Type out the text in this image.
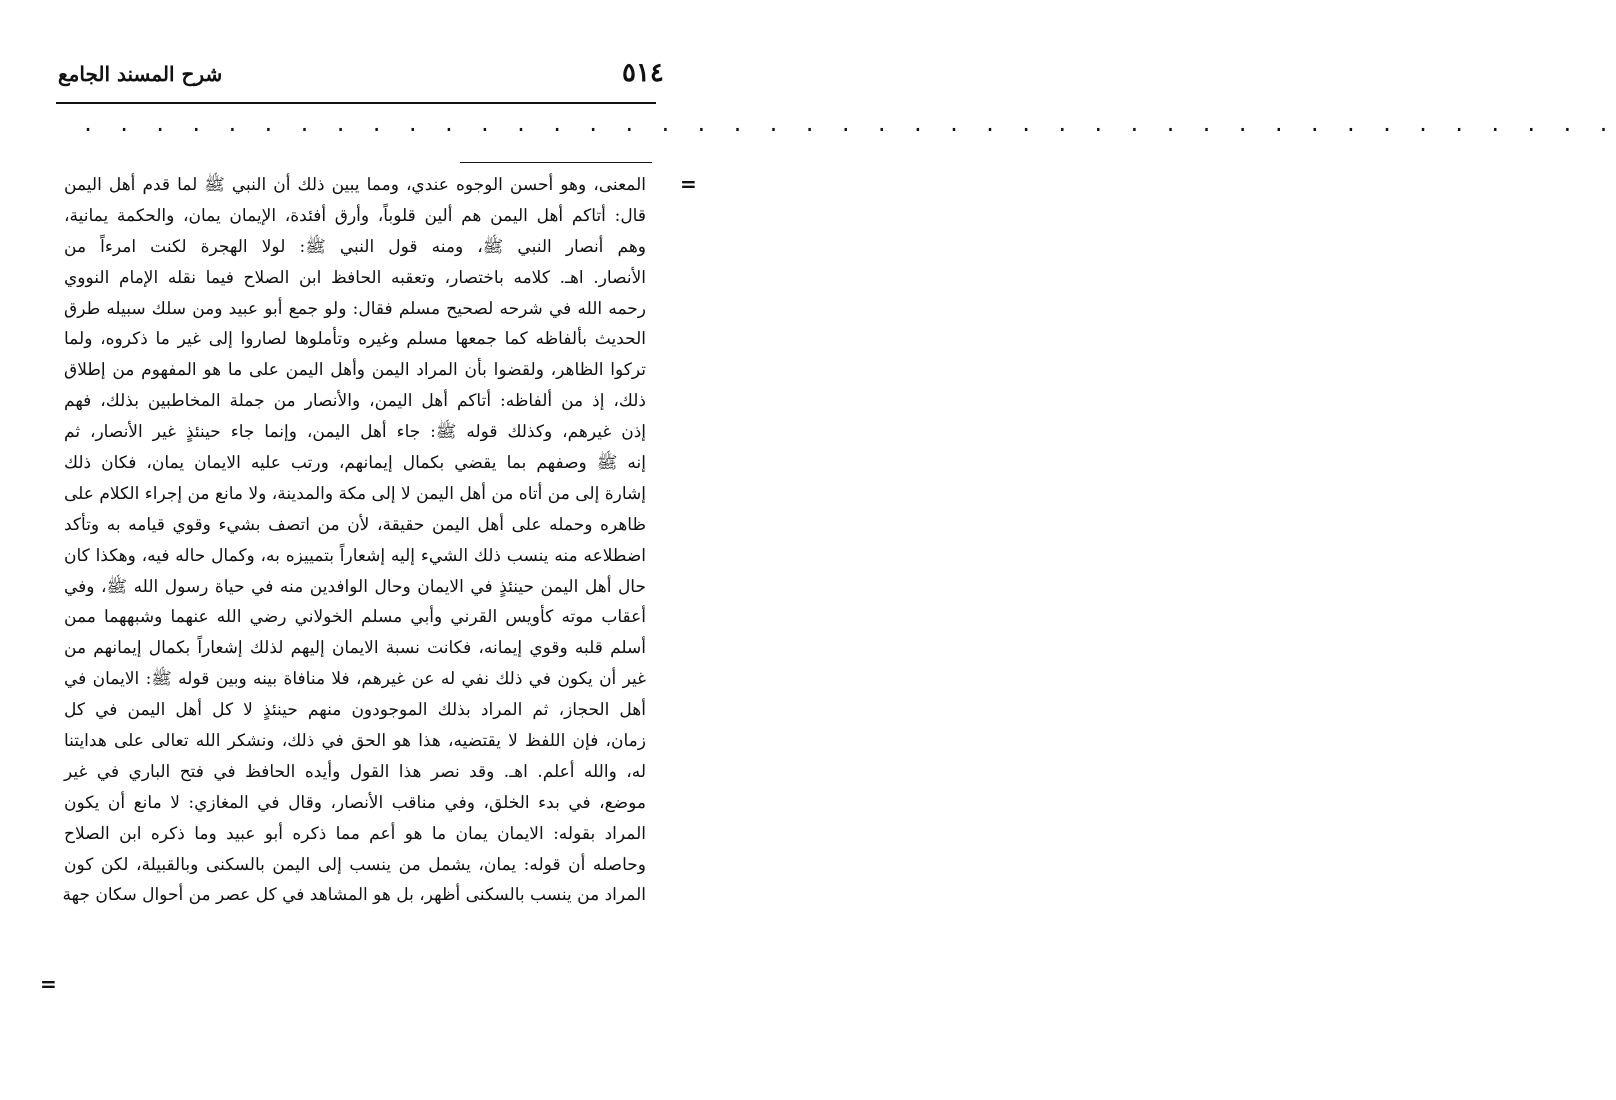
٥١٤
شرح المسند الجامع
. . . . . . . . . . . . . . . . . . . . . . . . . . . . . . . . . . . . . . . . . . .
=
=
المعنى، وهو أحسن الوجوه عندي، ومما يبين ذلك أن النبي ﷺ لما قدم أهل اليمن
قال: أتاكم أهل اليمن هم ألين قلوباً، وأرق أفئدة، الإيمان يمان، والحكمة يمانية،
وهم أنصار النبي ﷺ، ومنه قول النبي ﷺ: لولا الهجرة لكنت امرءاً من
الأنصار. اهـ. كلامه باختصار، وتعقبه الحافظ ابن الصلاح فيما نقله الإمام النووي
رحمه الله في شرحه لصحيح مسلم فقال: ولو جمع أبو عبيد ومن سلك سبيله طرق
الحديث بألفاظه كما جمعها مسلم وغيره وتأملوها لصاروا إلى غير ما ذكروه، ولما
تركوا الظاهر، ولقضوا بأن المراد اليمن وأهل اليمن على ما هو المفهوم من إطلاق
ذلك، إذ من ألفاظه: أتاكم أهل اليمن، والأنصار من جملة المخاطبين بذلك، فهم
إذن غيرهم، وكذلك قوله ﷺ: جاء أهل اليمن، وإنما جاء حينئذٍ غير الأنصار، ثم
إنه ﷺ وصفهم بما يقضي بكمال إيمانهم، ورتب عليه الايمان يمان، فكان ذلك
إشارة إلى من أتاه من أهل اليمن لا إلى مكة والمدينة، ولا مانع من إجراء الكلام على
ظاهره وحمله على أهل اليمن حقيقة، لأن من اتصف بشيء وقوي قيامه به وتأكد
اضطلاعه منه ينسب ذلك الشيء إليه إشعاراً بتمييزه به، وكمال حاله فيه، وهكذا كان
حال أهل اليمن حينئذٍ في الايمان وحال الوافدين منه في حياة رسول الله ﷺ، وفي
أعقاب موته كأويس القرني وأبي مسلم الخولاني رضي الله عنهما وشبههما ممن
أسلم قلبه وقوي إيمانه، فكانت نسبة الايمان إليهم لذلك إشعاراً بكمال إيمانهم من
غير أن يكون في ذلك نفي له عن غيرهم، فلا منافاة بينه وبين قوله ﷺ: الايمان في
أهل الحجاز، ثم المراد بذلك الموجودون منهم حينئذٍ لا كل أهل اليمن في كل
زمان، فإن اللفظ لا يقتضيه، هذا هو الحق في ذلك، ونشكر الله تعالى على هدايتنا
له، والله أعلم. اهـ. وقد نصر هذا القول وأيده الحافظ في فتح الباري في غير
موضع، في بدء الخلق، وفي مناقب الأنصار، وقال في المغازي: لا مانع أن يكون
المراد بقوله: الايمان يمان ما هو أعم مما ذكره أبو عبيد وما ذكره ابن الصلاح
وحاصله أن قوله: يمان، يشمل من ينسب إلى اليمن بالسكنى وبالقبيلة، لكن كون
المراد من ينسب بالسكنى أظهر، بل هو المشاهد في كل عصر من أحوال سكان جهة
